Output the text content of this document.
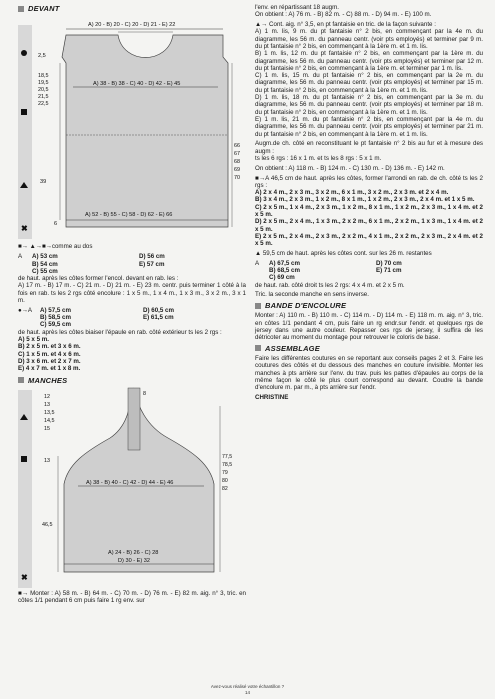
DEVANT
✖
A) 20 - B) 20 - C) 20 - D) 21 - E) 22
A) 38 - B) 38 - C) 40 - D) 42 - E) 45
A) 52 - B) 55 - C) 58 - D) 62 - E) 66
2,5
18,5
19,5
20,5
21,5
22,5
66
67
68
69
70
39
6
■→ ▲→■→comme au dos
A	A) 53 cm	D) 56 cm
B) 54 cm	E) 57 cm
C) 55 cm
de haut. après les côtes former l'encol. devant en rab. les :
A) 17 m. - B) 17 m. - C) 21 m. - D) 21 m. - E) 23 m. centr. puis terminer 1 côté à la fois en rab. ts les 2 rgs côté encolure : 1 x 5 m., 1 x 4 m., 1 x 3 m., 3 x 2 m., 3 x 1 m.
●→A	A) 57,5 cm	D) 60,5 cm
B) 58,5 cm	E) 61,5 cm
C) 59,5 cm
de haut. après les côtes biaiser l'épaule en rab. côté extérieur ts les 2 rgs :
A) 5 x 5 m.
B) 2 x 5 m. et 3 x 6 m.
C) 1 x 5 m. et 4 x 6 m.
D) 3 x 6 m. et 2 x 7 m.
E) 4 x 7 m. et 1 x 8 m.
MANCHES
✖
8
12
13
13,5
14,5
15
13
77,5
78,5
79
80
82
A) 38 - B) 40 - C) 42 - D) 44 - E) 46
46,5
A) 24 - B) 26 - C) 28
D) 30 - E) 32
■→ Monter : A) 58 m. - B) 64 m. - C) 70 m. - D) 76 m. - E) 82 m. aig. n° 3, tric. en côtes 1/1 pendant 6 cm puis faire 1 rg env. sur
l'env. en répartissant 18 augm.
On obtient : A) 76 m. - B) 82 m. - C) 88 m. - D) 94 m. - E) 100 m.
▲→ Cont. aig. n° 3,5, en pt fantaisie en tric. de la façon suivante :
A) 1 m. lis, 9 m. du pt fantaisie n° 2 bis, en commençant par la 4e m. du diagramme, les 56 m. du panneau centr. (voir pts employés) et terminer par 9 m. du pt fantaisie n° 2 bis, en commençant à la 1ère m. et 1 m. lis.
B) 1 m. lis, 12 m. du pt fantaisie n° 2 bis, en commençant par la 1ère m. du diagramme, les 56 m. du panneau centr. (voir pts employés) et terminer par 12 m. du pt fantaisie n° 2 bis, en commençant à la 1ère m. et terminer par 1 m. lis.
C) 1 m. lis, 15 m. du pt fantaisie n° 2 bis, en commençant par la 2e m. du diagramme, les 56 m. du panneau centr. (voir pts employés) et terminer par 15 m. du pt fantaisie n° 2 bis, en commençant à la 1ère m. et 1 m. lis.
D) 1 m. lis, 18 m. du pt fantaisie n° 2 bis, en commençant par la 3e m. du diagramme, les 56 m. du panneau centr. (voir pts employés) et terminer par 18 m. du pt fantaisie n° 2 bis, en commençant à la 1ère m. et 1 m. lis.
E) 1 m. lis, 21 m. du pt fantaisie n° 2 bis, en commençant par la 4e m. du diagramme, les 56 m. du panneau centr. (voir pts employés) et terminer par 21 m. du pt fantaisie n° 2 bis, en commençant à la 1ère m. et 1 m. lis.
Augm.de ch. côté en reconstituant le pt fantaisie n° 2 bis au fur et à mesure des augm :
ts les 6 rgs : 16 x 1 m. et ts les 8 rgs : 5 x 1 m.
On obtient : A) 118 m. - B) 124 m. - C) 130 m. - D) 136 m. - E) 142 m.
■→A 46,5 cm de haut. après les côtes, former l'arrondi en rab. de ch. côté ts les 2 rgs :
A) 2 x 4 m., 2 x 3 m., 3 x 2 m., 6 x 1 m., 3 x 2 m., 2 x 3 m. et 2 x 4 m.
B) 3 x 4 m., 2 x 3 m., 1 x 2 m., 8 x 1 m., 1 x 2 m., 2 x 3 m., 2 x 4 m. et 1 x 5 m.
C) 2 x 5 m., 1 x 4 m., 2 x 3 m., 1 x 2 m., 8 x 1 m., 1 x 2 m., 2 x 3 m., 1 x 4 m. et 2 x 5 m.
D) 2 x 5 m., 2 x 4 m., 1 x 3 m., 2 x 2 m., 6 x 1 m., 2 x 2 m., 1 x 3 m., 1 x 4 m. et 2 x 5 m.
E) 2 x 5 m., 2 x 4 m., 2 x 3 m., 2 x 2 m., 4 x 1 m., 2 x 2 m., 2 x 3 m., 2 x 4 m. et 2 x 5 m.
▲ 59,5 cm de haut. après les côtes cont. sur les 26 m. restantes
A	A) 67,5 cm	D) 70 cm
B) 68,5 cm	E) 71 cm
C) 69 cm
de haut. rab. côté droit ts les 2 rgs: 4 x 4 m. et 2 x 5 m.
Tric. la seconde manche en sens inverse.
BANDE D'ENCOLURE
Monter : A) 110 m. - B) 110 m. - C) 114 m. - D) 114 m. - E) 118 m. m. aig. n° 3, tric. en côtes 1/1 pendant 4 cm, puis faire un rg endr.sur l'endr. et quelques rgs de jersey dans une autre couleur. Repasser ces rgs de jersey, il suffira de les détricoter au moment du montage pour retrouver le coloris de base.
ASSEMBLAGE
Faire les différentes coutures en se reportant aux conseils pages 2 et 3. Faire les coutures des côtés et du dessous des manches en couture invisible. Monter les manches à pts arrière sur l'env. du trav. puis les pattes d'épaules au corps de la même façon le côté le plus court correspond au devant. Coudre la bande d'encolure m. par m., à pts arrière sur l'endr.
CHRISTINE
Avez-vous réalisé votre échantillon ?
14
